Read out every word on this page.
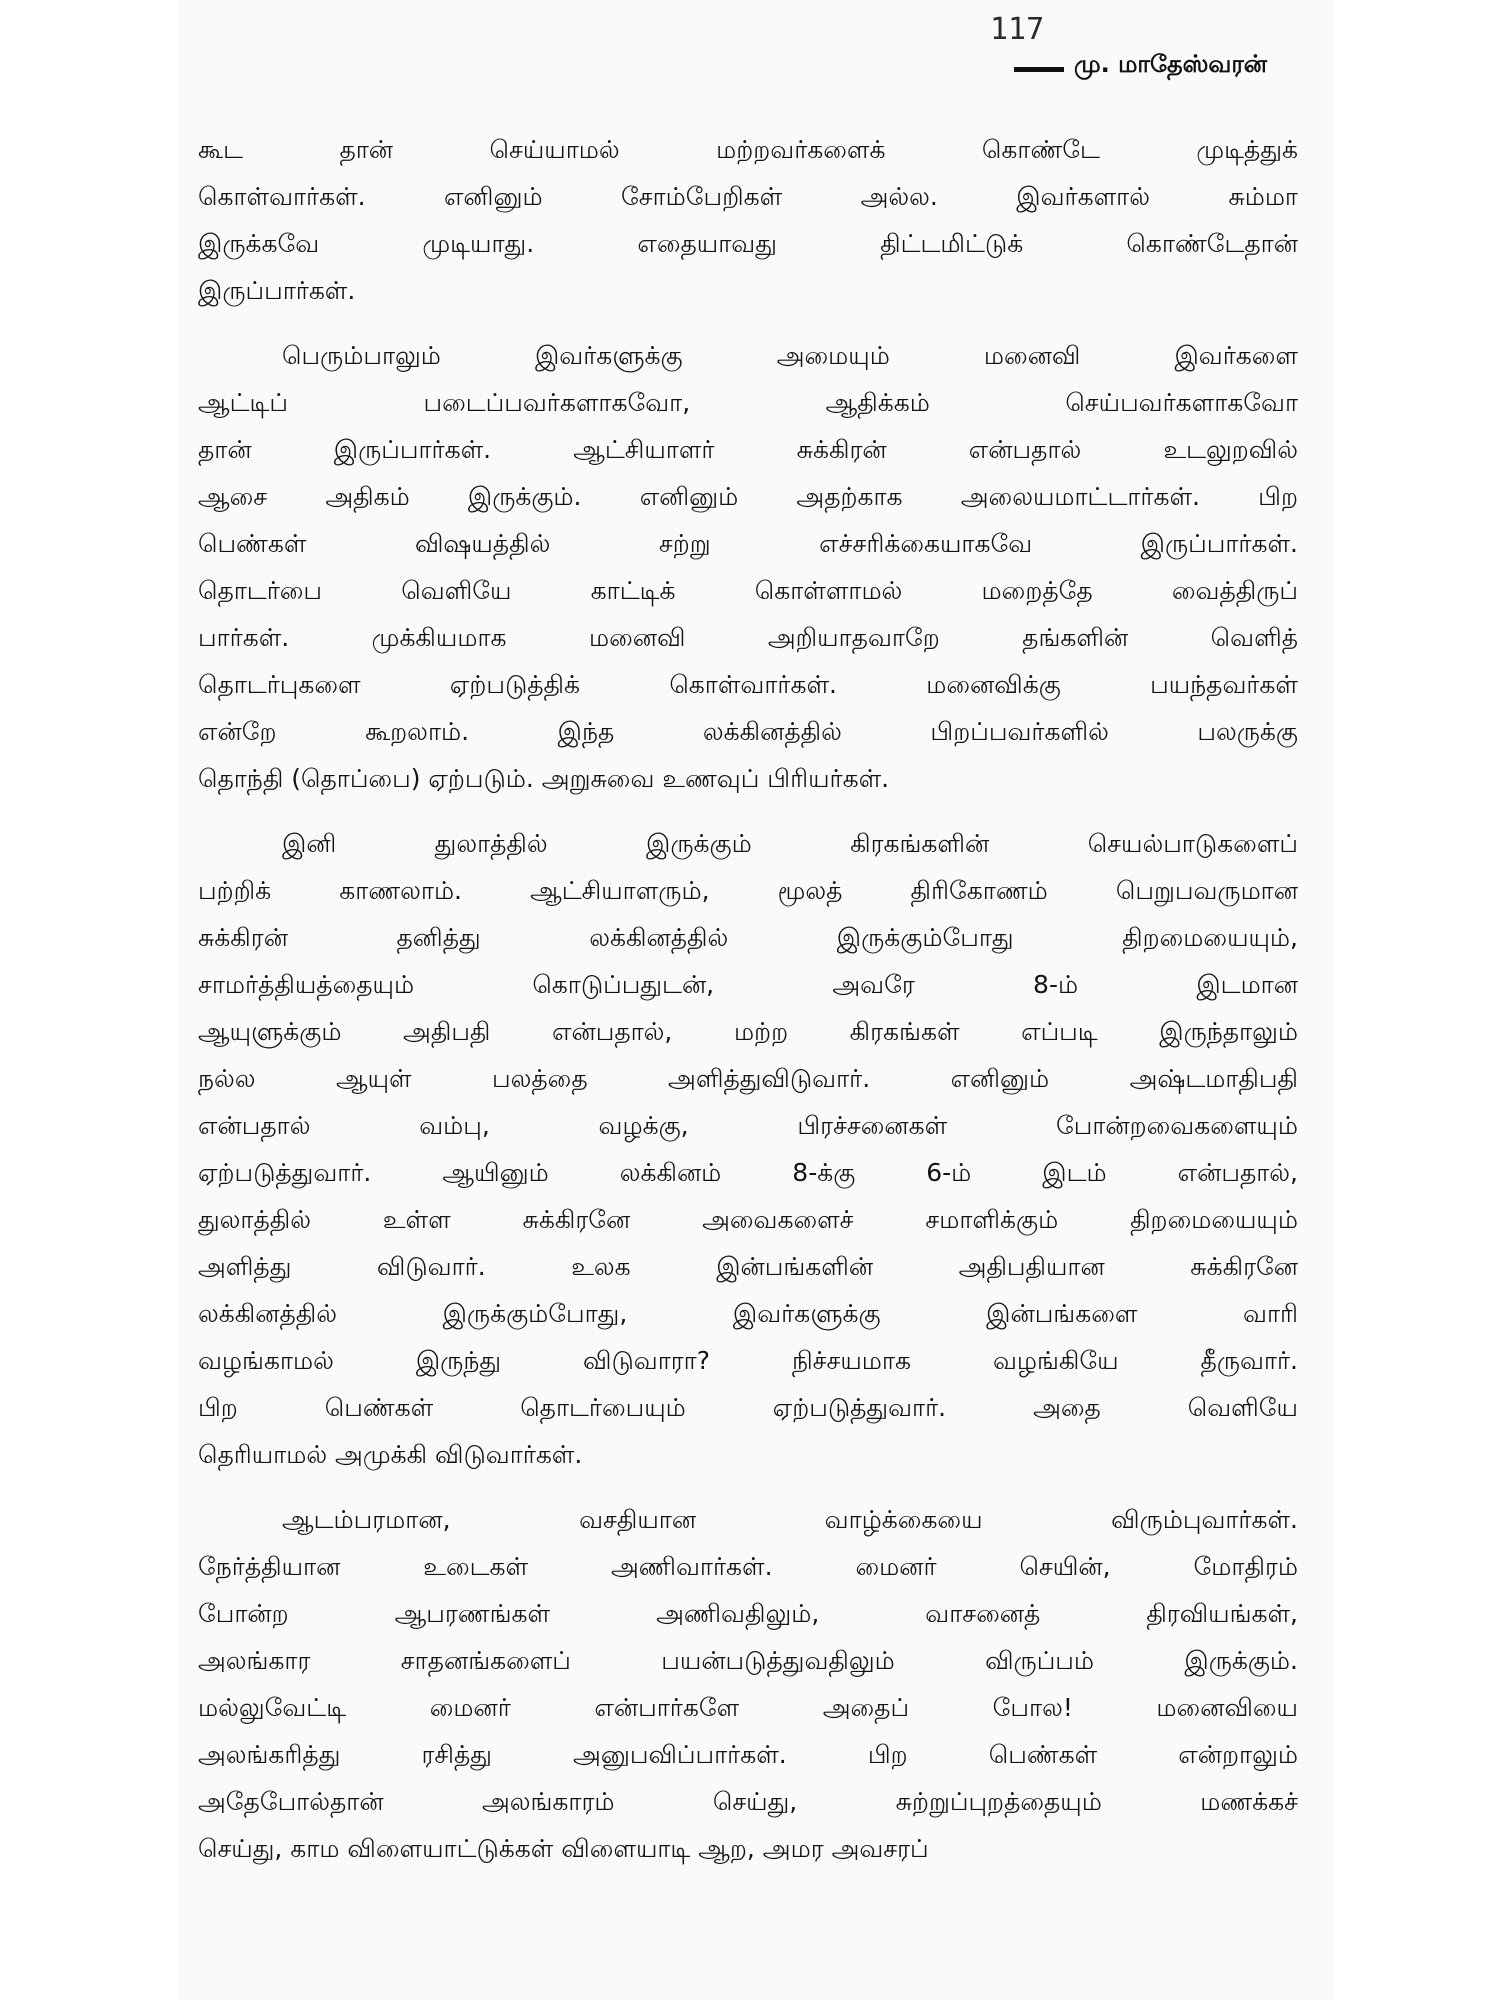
117

மு. மாதேஸ்வரன்

கூட தான் செய்யாமல் மற்றவர்களைக் கொண்டே முடித்துக்
கொள்வார்கள். எனினும் சோம்பேறிகள் அல்ல. இவர்களால் சும்மா
இருக்கவே முடியாது. எதையாவது திட்டமிட்டுக் கொண்டேதான்
இருப்பார்கள்.

பெரும்பாலும் இவர்களுக்கு அமையும் மனைவி இவர்களை
ஆட்டிப் படைப்பவர்களாகவோ, ஆதிக்கம் செய்பவர்களாகவோ
தான் இருப்பார்கள். ஆட்சியாளர் சுக்கிரன் என்பதால் உடலுறவில்
ஆசை அதிகம் இருக்கும். எனினும் அதற்காக அலையமாட்டார்கள். பிற
பெண்கள் விஷயத்தில் சற்று எச்சரிக்கையாகவே இருப்பார்கள்.
தொடர்பை வெளியே காட்டிக் கொள்ளாமல் மறைத்தே வைத்திருப்
பார்கள். முக்கியமாக மனைவி அறியாதவாறே தங்களின் வெளித்
தொடர்புகளை ஏற்படுத்திக் கொள்வார்கள். மனைவிக்கு பயந்தவர்கள்
என்றே கூறலாம். இந்த லக்கினத்தில் பிறப்பவர்களில் பலருக்கு
தொந்தி (தொப்பை) ஏற்படும். அறுசுவை உணவுப் பிரியர்கள்.

இனி துலாத்தில் இருக்கும் கிரகங்களின் செயல்பாடுகளைப்
பற்றிக் காணலாம். ஆட்சியாளரும், மூலத் திரிகோணம் பெறுபவருமான
சுக்கிரன் தனித்து லக்கினத்தில் இருக்கும்போது திறமையையும்,
சாமர்த்தியத்தையும் கொடுப்பதுடன், அவரே 8-ம் இடமான
ஆயுளுக்கும் அதிபதி என்பதால், மற்ற கிரகங்கள் எப்படி இருந்தாலும்
நல்ல ஆயுள் பலத்தை அளித்துவிடுவார். எனினும் அஷ்டமாதிபதி
என்பதால் வம்பு, வழக்கு, பிரச்சனைகள் போன்றவைகளையும்
ஏற்படுத்துவார். ஆயினும் லக்கினம் 8-க்கு 6-ம் இடம் என்பதால்,
துலாத்தில் உள்ள சுக்கிரனே அவைகளைச் சமாளிக்கும் திறமையையும்
அளித்து விடுவார். உலக இன்பங்களின் அதிபதியான சுக்கிரனே
லக்கினத்தில் இருக்கும்போது, இவர்களுக்கு இன்பங்களை வாரி
வழங்காமல் இருந்து விடுவாரா? நிச்சயமாக வழங்கியே தீருவார்.
பிற பெண்கள் தொடர்பையும் ஏற்படுத்துவார். அதை வெளியே
தெரியாமல் அமுக்கி விடுவார்கள்.

ஆடம்பரமான, வசதியான வாழ்க்கையை விரும்புவார்கள்.
நேர்த்தியான உடைகள் அணிவார்கள். மைனர் செயின், மோதிரம்
போன்ற ஆபரணங்கள் அணிவதிலும், வாசனைத் திரவியங்கள்,
அலங்கார சாதனங்களைப் பயன்படுத்துவதிலும் விருப்பம் இருக்கும்.
மல்லுவேட்டி மைனர் என்பார்களே அதைப் போல! மனைவியை
அலங்கரித்து ரசித்து அனுபவிப்பார்கள். பிற பெண்கள் என்றாலும்
அதேபோல்தான் அலங்காரம் செய்து, சுற்றுப்புறத்தையும் மணக்கச்
செய்து, காம விளையாட்டுக்கள் விளையாடி ஆற, அமர அவசரப்
